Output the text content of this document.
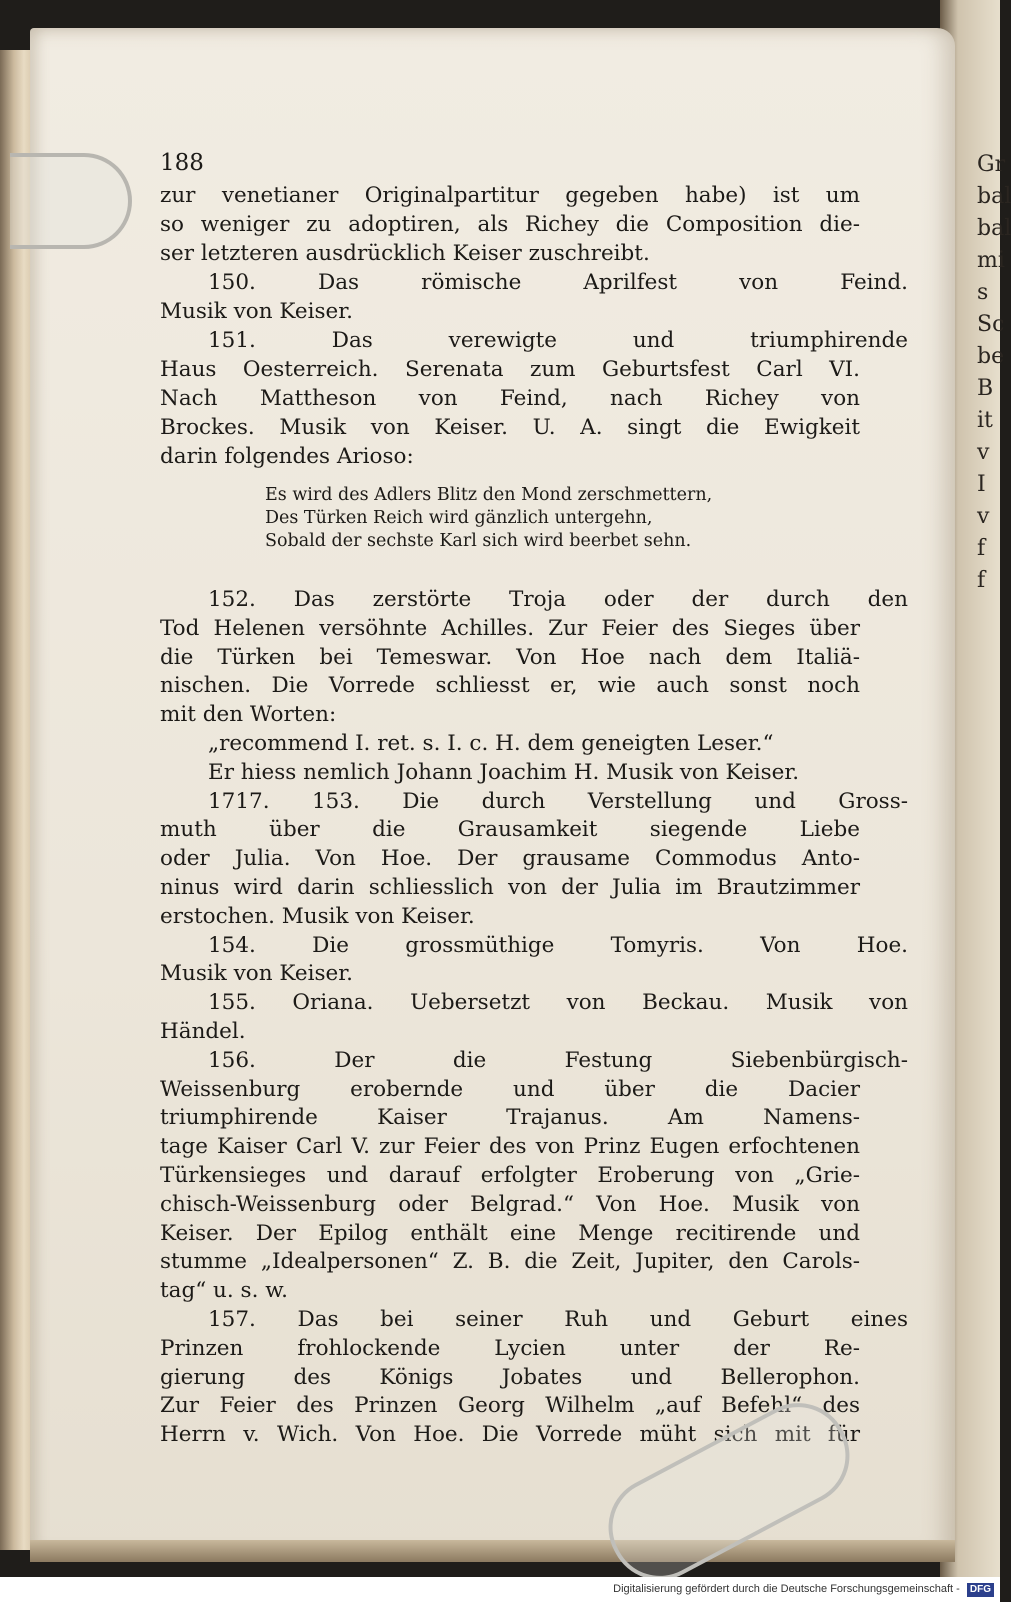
Gr
bal
bal
mi
s
Sc
be
B
it
v
I
v
f
f
188
zur venetianer Originalpartitur gegeben habe) ist um
so weniger zu adoptiren, als Richey die Composition die-
ser letzteren ausdrücklich Keiser zuschreibt.
150. Das römische Aprilfest von Feind.
Musik von Keiser.
151. Das verewigte und triumphirende
Haus Oesterreich. Serenata zum Geburtsfest Carl VI.
Nach Mattheson von Feind, nach Richey von
Brockes. Musik von Keiser. U. A. singt die Ewigkeit
darin folgendes Arioso:
152. Das zerstörte Troja oder der durch den
Tod Helenen versöhnte Achilles. Zur Feier des Sieges über
die Türken bei Temeswar. Von Hoe nach dem Italiä-
nischen. Die Vorrede schliesst er, wie auch sonst noch
mit den Worten:
„recommend I. ret. s. I. c. H. dem geneigten Leser.“
Er hiess nemlich Johann Joachim H. Musik von Keiser.
1717. 153. Die durch Verstellung und Gross-
muth über die Grausamkeit siegende Liebe
oder Julia. Von Hoe. Der grausame Commodus Anto-
ninus wird darin schliesslich von der Julia im Brautzimmer
erstochen. Musik von Keiser.
154. Die grossmüthige Tomyris. Von Hoe.
Musik von Keiser.
155. Oriana. Uebersetzt von Beckau. Musik von
Händel.
156. Der die Festung Siebenbürgisch-
Weissenburg erobernde und über die Dacier
triumphirende Kaiser Trajanus. Am Namens-
tage Kaiser Carl V. zur Feier des von Prinz Eugen erfochtenen
Türkensieges und darauf erfolgter Eroberung von „Grie-
chisch-Weissenburg oder Belgrad.“ Von Hoe. Musik von
Keiser. Der Epilog enthält eine Menge recitirende und
stumme „Idealpersonen“ Z. B. die Zeit, Jupiter, den Carols-
tag“ u. s. w.
157. Das bei seiner Ruh und Geburt eines
Prinzen frohlockende Lycien unter der Re-
gierung des Königs Jobates und Bellerophon.
Zur Feier des Prinzen Georg Wilhelm „auf Befehl“ des
Herrn v. Wich. Von Hoe. Die Vorrede müht sich mit für
Es wird des Adlers Blitz den Mond zerschmettern,
Des Türken Reich wird gänzlich untergehn,
Sobald der sechste Karl sich wird beerbet sehn.
Digitalisierung gefördert durch die Deutsche Forschungsgemeinschaft - DFG
